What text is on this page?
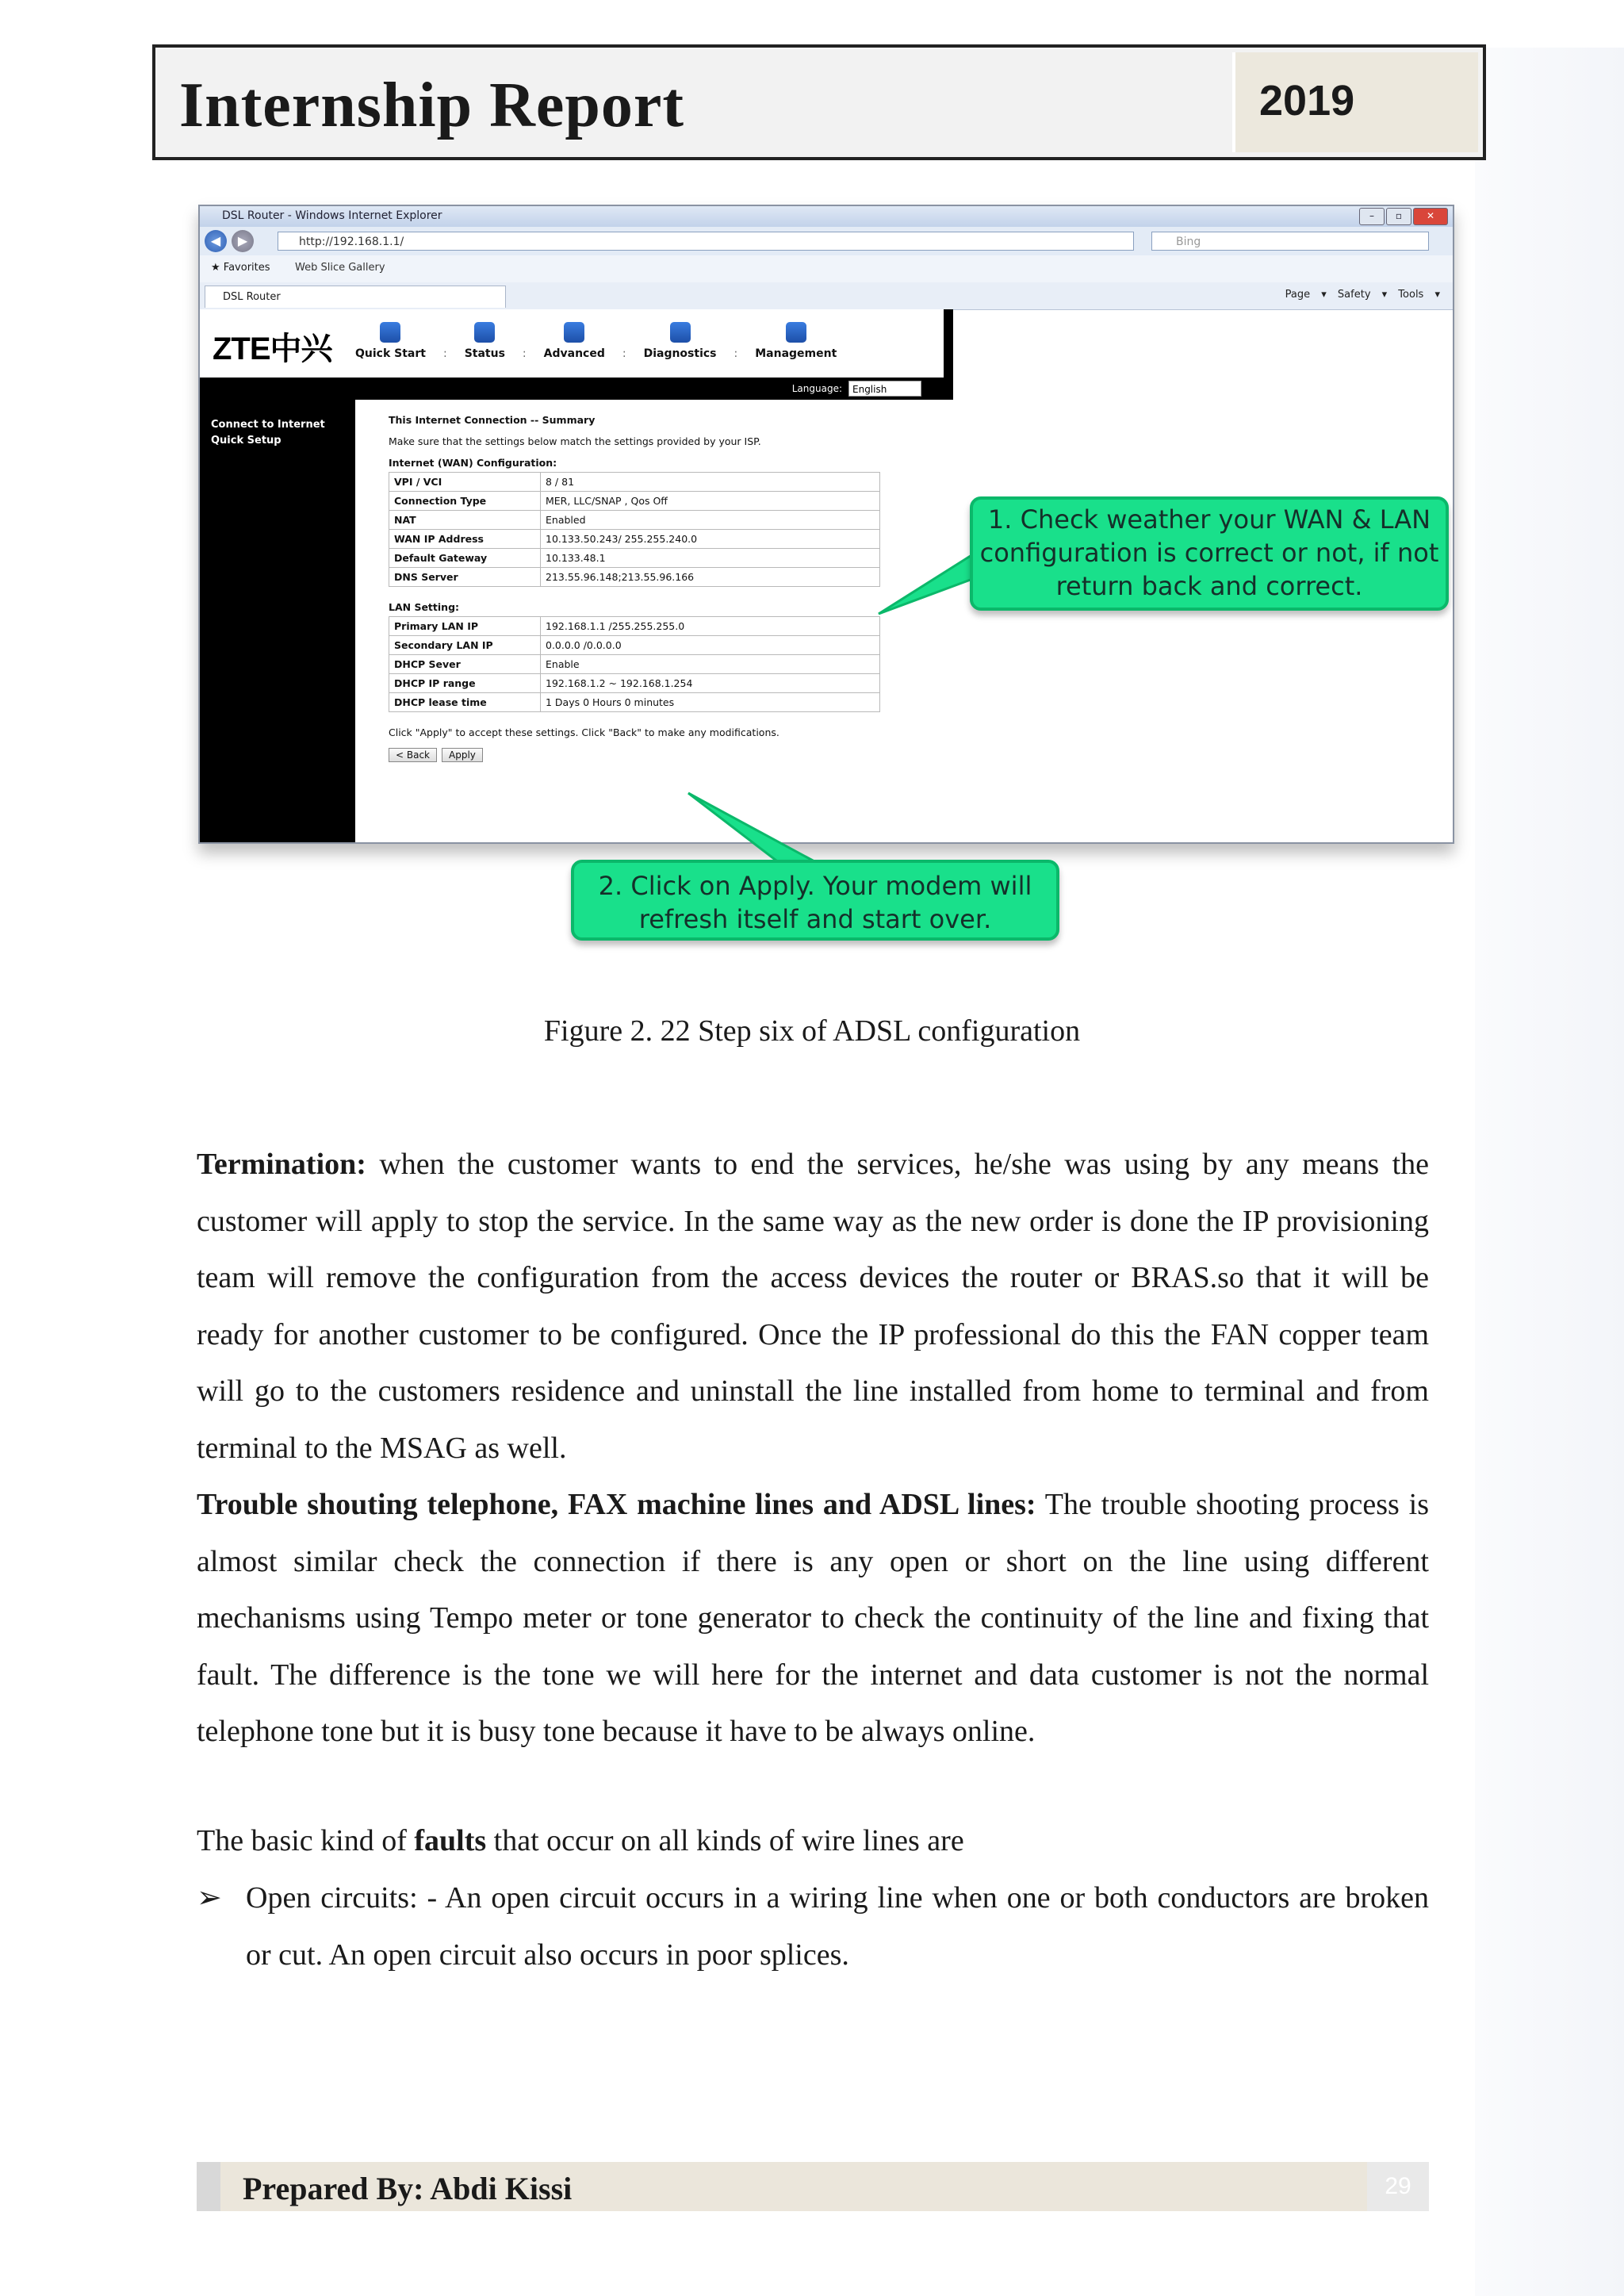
Internship Report	2019
DSL Router - Windows Internet Explorer	– ▫	✕
◀	▶	http://192.168.1.1/	Bing
★ Favorites Web Slice Gallery
DSL Router	Page ▾ Safety ▾ Tools ▾
ZTE中兴 Quick Start : Status : Advanced : Diagnostics : Management
Language:	English
Connect to Internet
Quick Setup
This Internet Connection -- Summary
Make sure that the settings below match the settings provided by your ISP.
Internet (WAN) Configuration:
VPI / VCI	8 / 81
Connection Type	MER, LLC/SNAP , Qos Off
NAT	Enabled
WAN IP Address	10.133.50.243/ 255.255.240.0
Default Gateway	10.133.48.1
DNS Server	213.55.96.148;213.55.96.166
LAN Setting:
Primary LAN IP	192.168.1.1 /255.255.255.0
Secondary LAN IP	0.0.0.0 /0.0.0.0
DHCP Sever	Enable
DHCP IP range	192.168.1.2 ~ 192.168.1.254
DHCP lease time	1 Days 0 Hours 0 minutes
Click "Apply" to accept these settings. Click "Back" to make any modifications.
< Back Apply
1. Check weather your WAN & LAN configuration is correct or not, if not return back and correct.
2. Click on Apply. Your modem will refresh itself and start over.
Figure 2. 22 Step six of ADSL configuration
Termination: when the customer wants to end the services, he/she was using by any means the customer will apply to stop the service. In the same way as the new order is done the IP provisioning team will remove the configuration from the access devices the router or BRAS.so that it will be ready for another customer to be configured. Once the IP professional do this the FAN copper team will go to the customers residence and uninstall the line installed from home to terminal and from terminal to the MSAG as well.
Trouble shouting telephone, FAX machine lines and ADSL lines: The trouble shooting process is almost similar check the connection if there is any open or short on the line using different mechanisms using Tempo meter or tone generator to check the continuity of the line and fixing that fault. The difference is the tone we will here for the internet and data customer is not the normal telephone tone but it is busy tone because it have to be always online.
The basic kind of faults that occur on all kinds of wire lines are
➢ Open circuits: - An open circuit occurs in a wiring line when one or both conductors are broken or cut. An open circuit also occurs in poor splices.
Prepared By: Abdi Kissi	29
